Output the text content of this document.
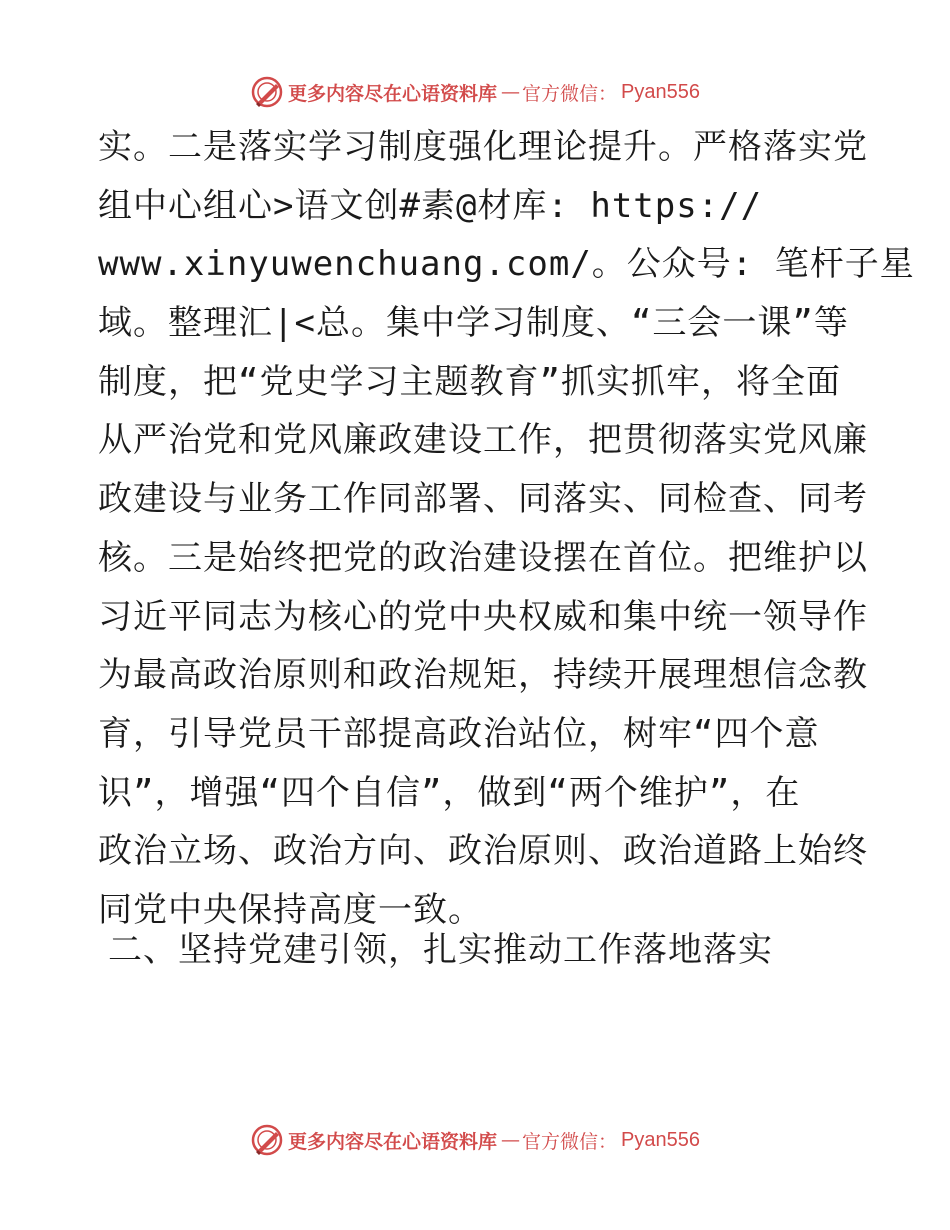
更多内容尽在心语资料库 — 官方微信： Pyan556
实。二是落实学习制度强化理论提升。严格落实党
组中心组心>语文创#素@材库: https://
www.xinyuwenchuang.com/。公众号: 笔杆子星
域。整理汇|<总。集中学习制度、“三会一课”等
制度，把“党史学习主题教育”抓实抓牢，将全面
从严治党和党风廉政建设工作，把贯彻落实党风廉
政建设与业务工作同部署、同落实、同检查、同考
核。三是始终把党的政治建设摆在首位。把维护以
习近平同志为核心的党中央权威和集中统一领导作
为最高政治原则和政治规矩，持续开展理想信念教
育，引导党员干部提高政治站位，树牢“四个意
识”，增强“四个自信”，做到“两个维护”，在
政治立场、政治方向、政治原则、政治道路上始终
同党中央保持高度一致。
二、坚持党建引领，扎实推动工作落地落实
更多内容尽在心语资料库 — 官方微信： Pyan556
